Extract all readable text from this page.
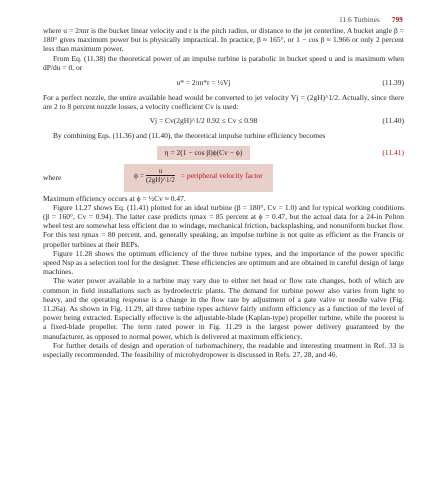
11.6 Turbines 799

where u = 2πnr is the bucket linear velocity and r is the pitch radius, or distance to the jet centerline. A bucket angle β = 180° gives maximum power but is physically impractical. In practice, β ≈ 165°, or 1 − cos β ≈ 1.966 or only 2 percent less than maximum power.

From Eq. (11.38) the theoretical power of an impulse turbine is parabolic in bucket speed u and is maximum when dP/du = 0, or

u* = 2πn*r = ½Vj	(11.39)

For a perfect nozzle, the entire available head would be converted to jet velocity Vj = (2gH)^1/2. Actually, since there are 2 to 8 percent nozzle losses, a velocity coefficient Cv is used:

Vj = Cv(2gH)^1/2 0.92 ≤ Cv ≤ 0.98	(11.40)

By combining Eqs. (11.36) and (11.40), the theoretical impulse turbine efficiency becomes

η = 2(1 − cos β)ϕ(Cv − ϕ)	(11.41)
where	$\phi = \frac{u}{(2gH)\^{}1/2}$ = peripheral velocity factor

Maximum efficiency occurs at ϕ = ½Cv ≈ 0.47.

Figure 11.27 shows Eq. (11.41) plotted for an ideal turbine (β = 180°, Cv = 1.0) and for typical working conditions (β = 160°, Cv = 0.94). The latter case predicts ηmax = 85 percent at ϕ = 0.47, but the actual data for a 24-in Pelton wheel test are somewhat less efficient due to windage, mechanical friction, backsplashing, and nonuniform bucket flow. For this test ηmax = 80 percent, and, generally speaking, an impulse turbine is not quite as efficient as the Francis or propeller turbines at their BEPs.

Figure 11.28 shows the optimum efficiency of the three turbine types, and the importance of the power specific speed Nsp as a selection tool for the designer. These efficiencies are optimum and are obtained in careful design of large machines.

The water power available to a turbine may vary due to either net head or flow rate changes, both of which are common in field installations such as hydroelectric plants. The demand for turbine power also varies from light to heavy, and the operating response is a change in the flow rate by adjustment of a gate valve or needle valve (Fig. 11.26a). As shown in Fig. 11.29, all three turbine types achieve fairly uniform efficiency as a function of the level of power being extracted. Especially effective is the adjustable-blade (Kaplan-type) propeller turbine, while the poorest is a fixed-blade propeller. The term rated power in Fig. 11.29 is the largest power delivery guaranteed by the manufacturer, as opposed to normal power, which is delivered at maximum efficiency.

For further details of design and operation of turbomachinery, the readable and interesting treatment in Ref. 33 is especially recommended. The feasibility of microhydropower is discussed in Refs. 27, 28, and 46.
